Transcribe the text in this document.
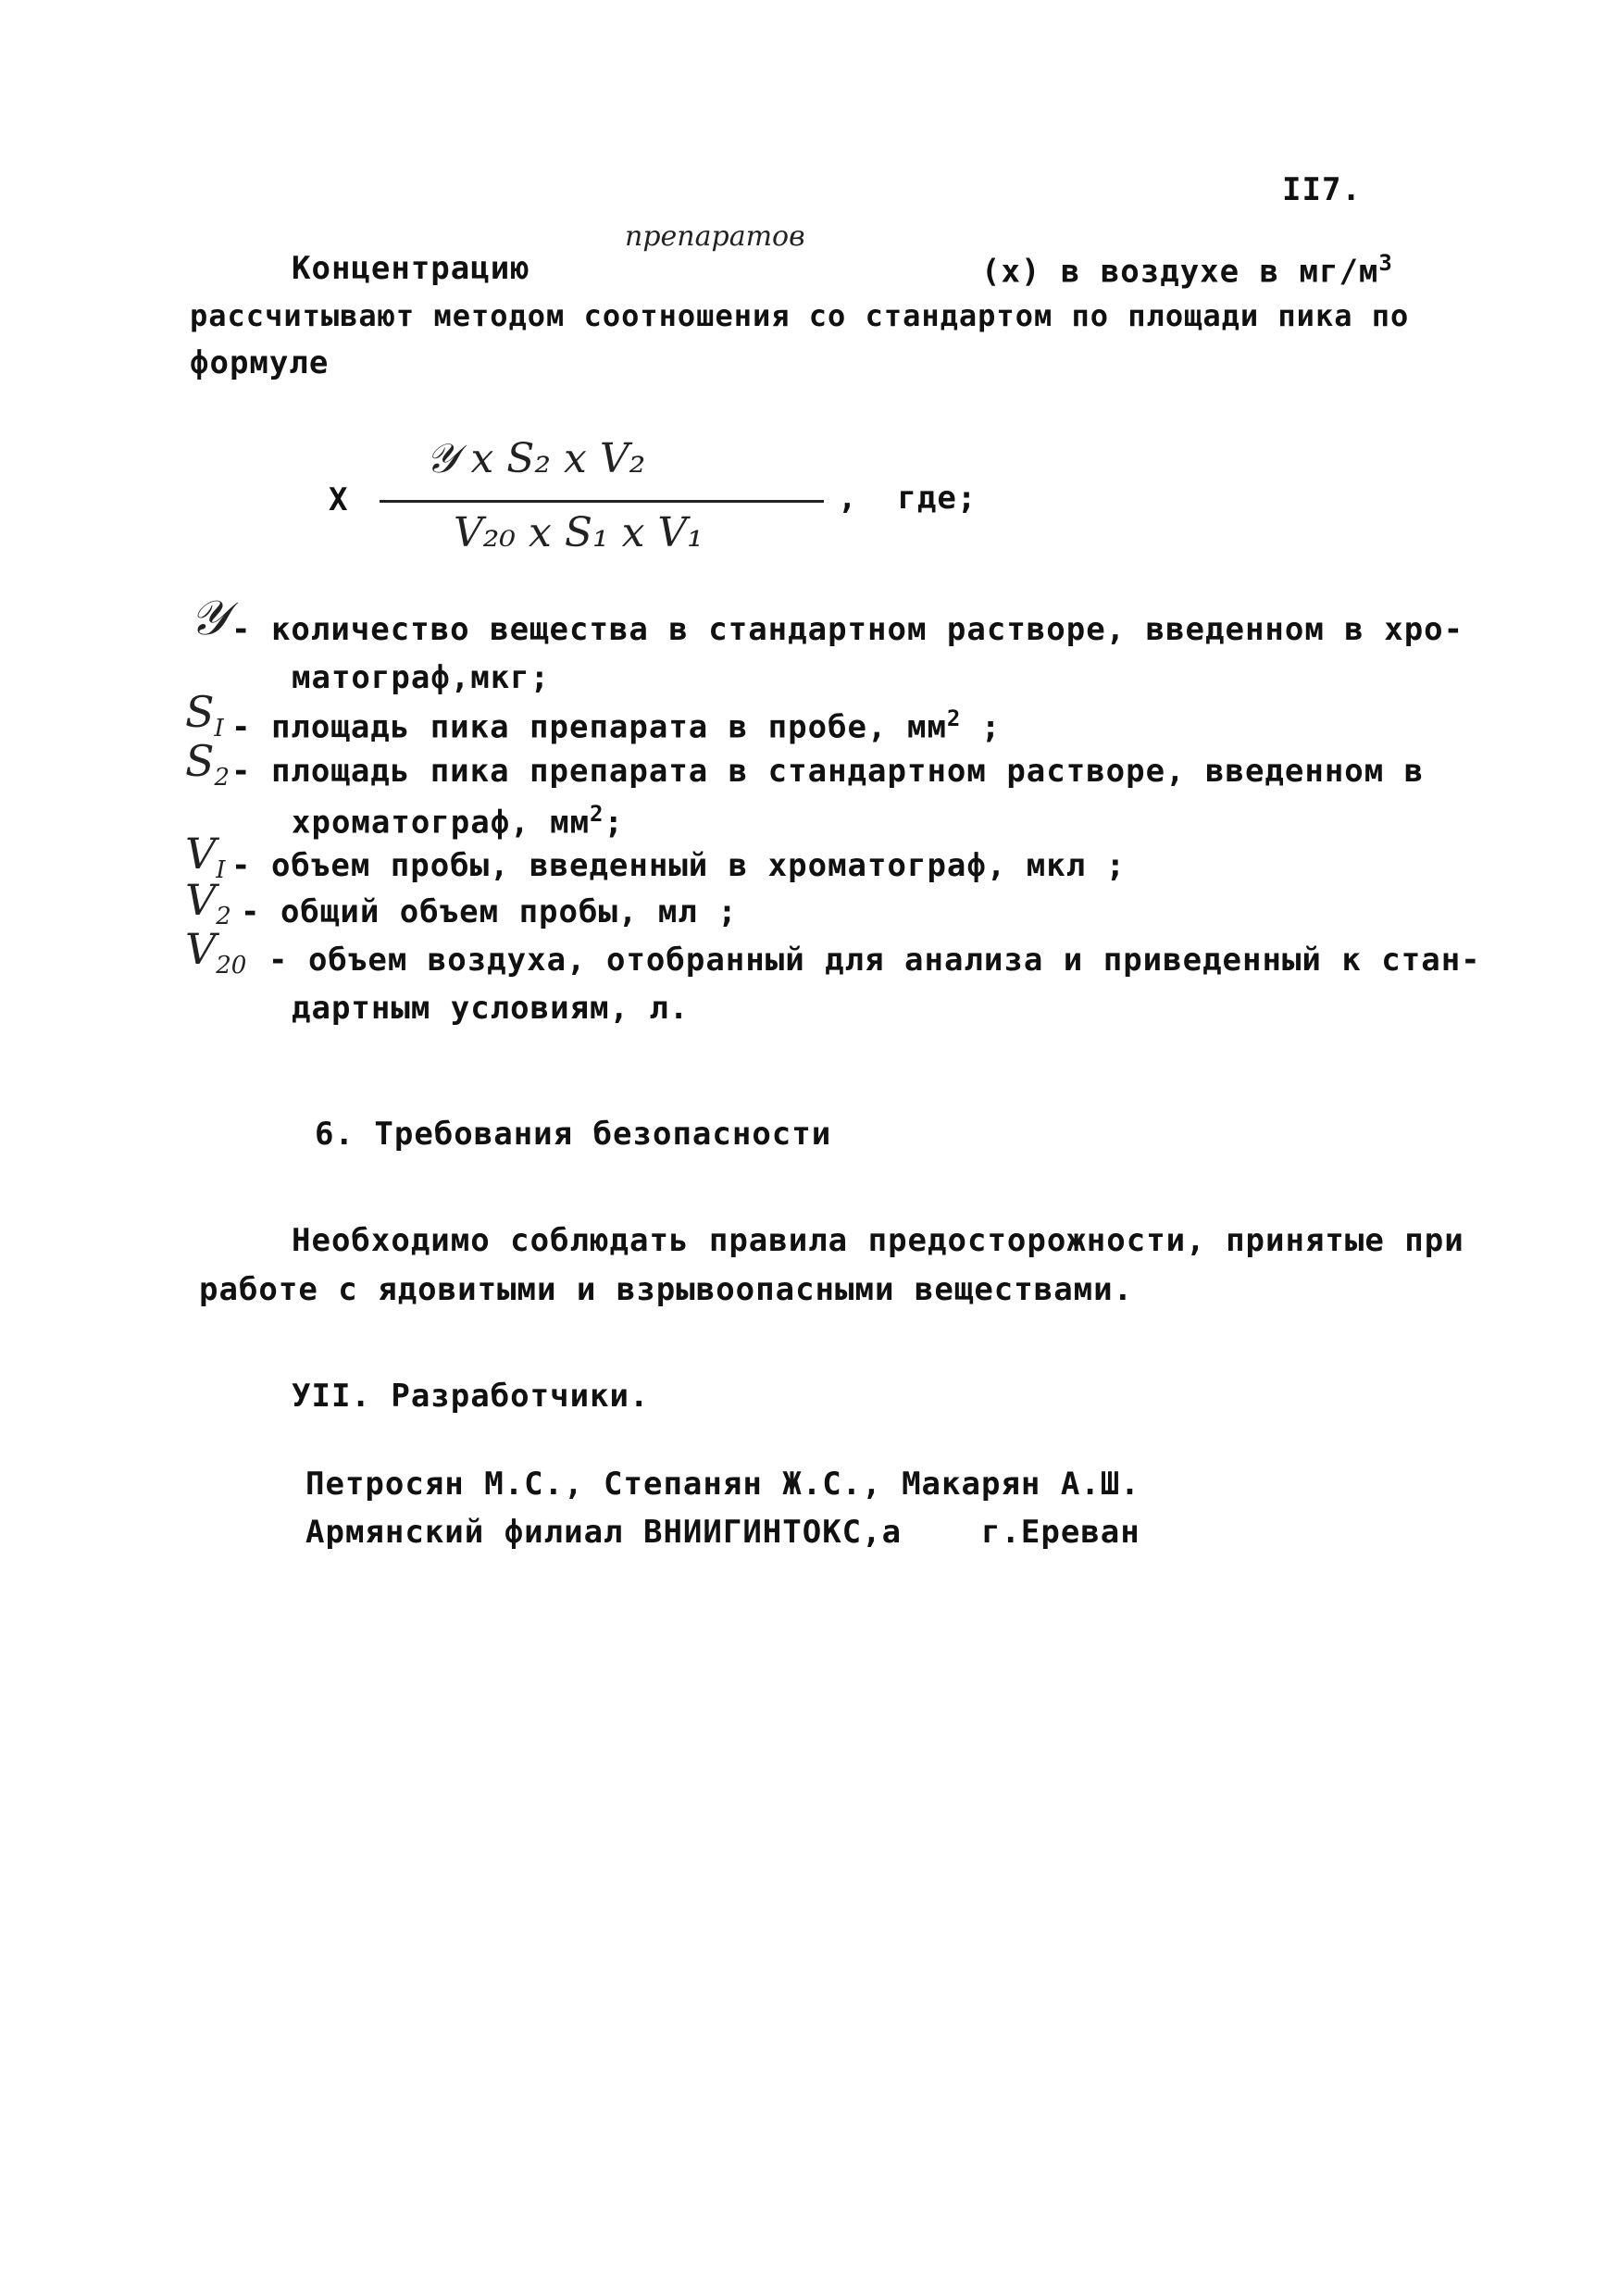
II7.
препаратов
Концентрацию	(x) в воздухе в $мг/м^3$
рассчитывают методом соотношения со стандартом по площади пика по
формуле
X
𝒴 x S₂ x V₂
V₂₀ x S₁ x V₁
,  где;
𝒴 - количество вещества в стандартном растворе, введенном в хро-
матограф,мкг;
$S_I$ - площадь пика препарата в пробе, $мм^2$ ;
$S_2$ - площадь пика препарата в стандартном растворе, введенном в
хроматограф, $мм^2$;
$V_I$ - объем пробы, введенный в хроматограф, мкл ;
$V_2$ - общий объем пробы, мл ;
$V_{20}$ - объем воздуха, отобранный для анализа и приведенный к стан-
дартным условиям, л.
6. Требования безопасности
Необходимо соблюдать правила предосторожности, принятые при
работе с ядовитыми и взрывоопасными веществами.
УII. Разработчики.
Петросян М.С., Степанян Ж.С., Макарян А.Ш.
Армянский филиал ВНИИГИНТОКС,а    г.Ереван
